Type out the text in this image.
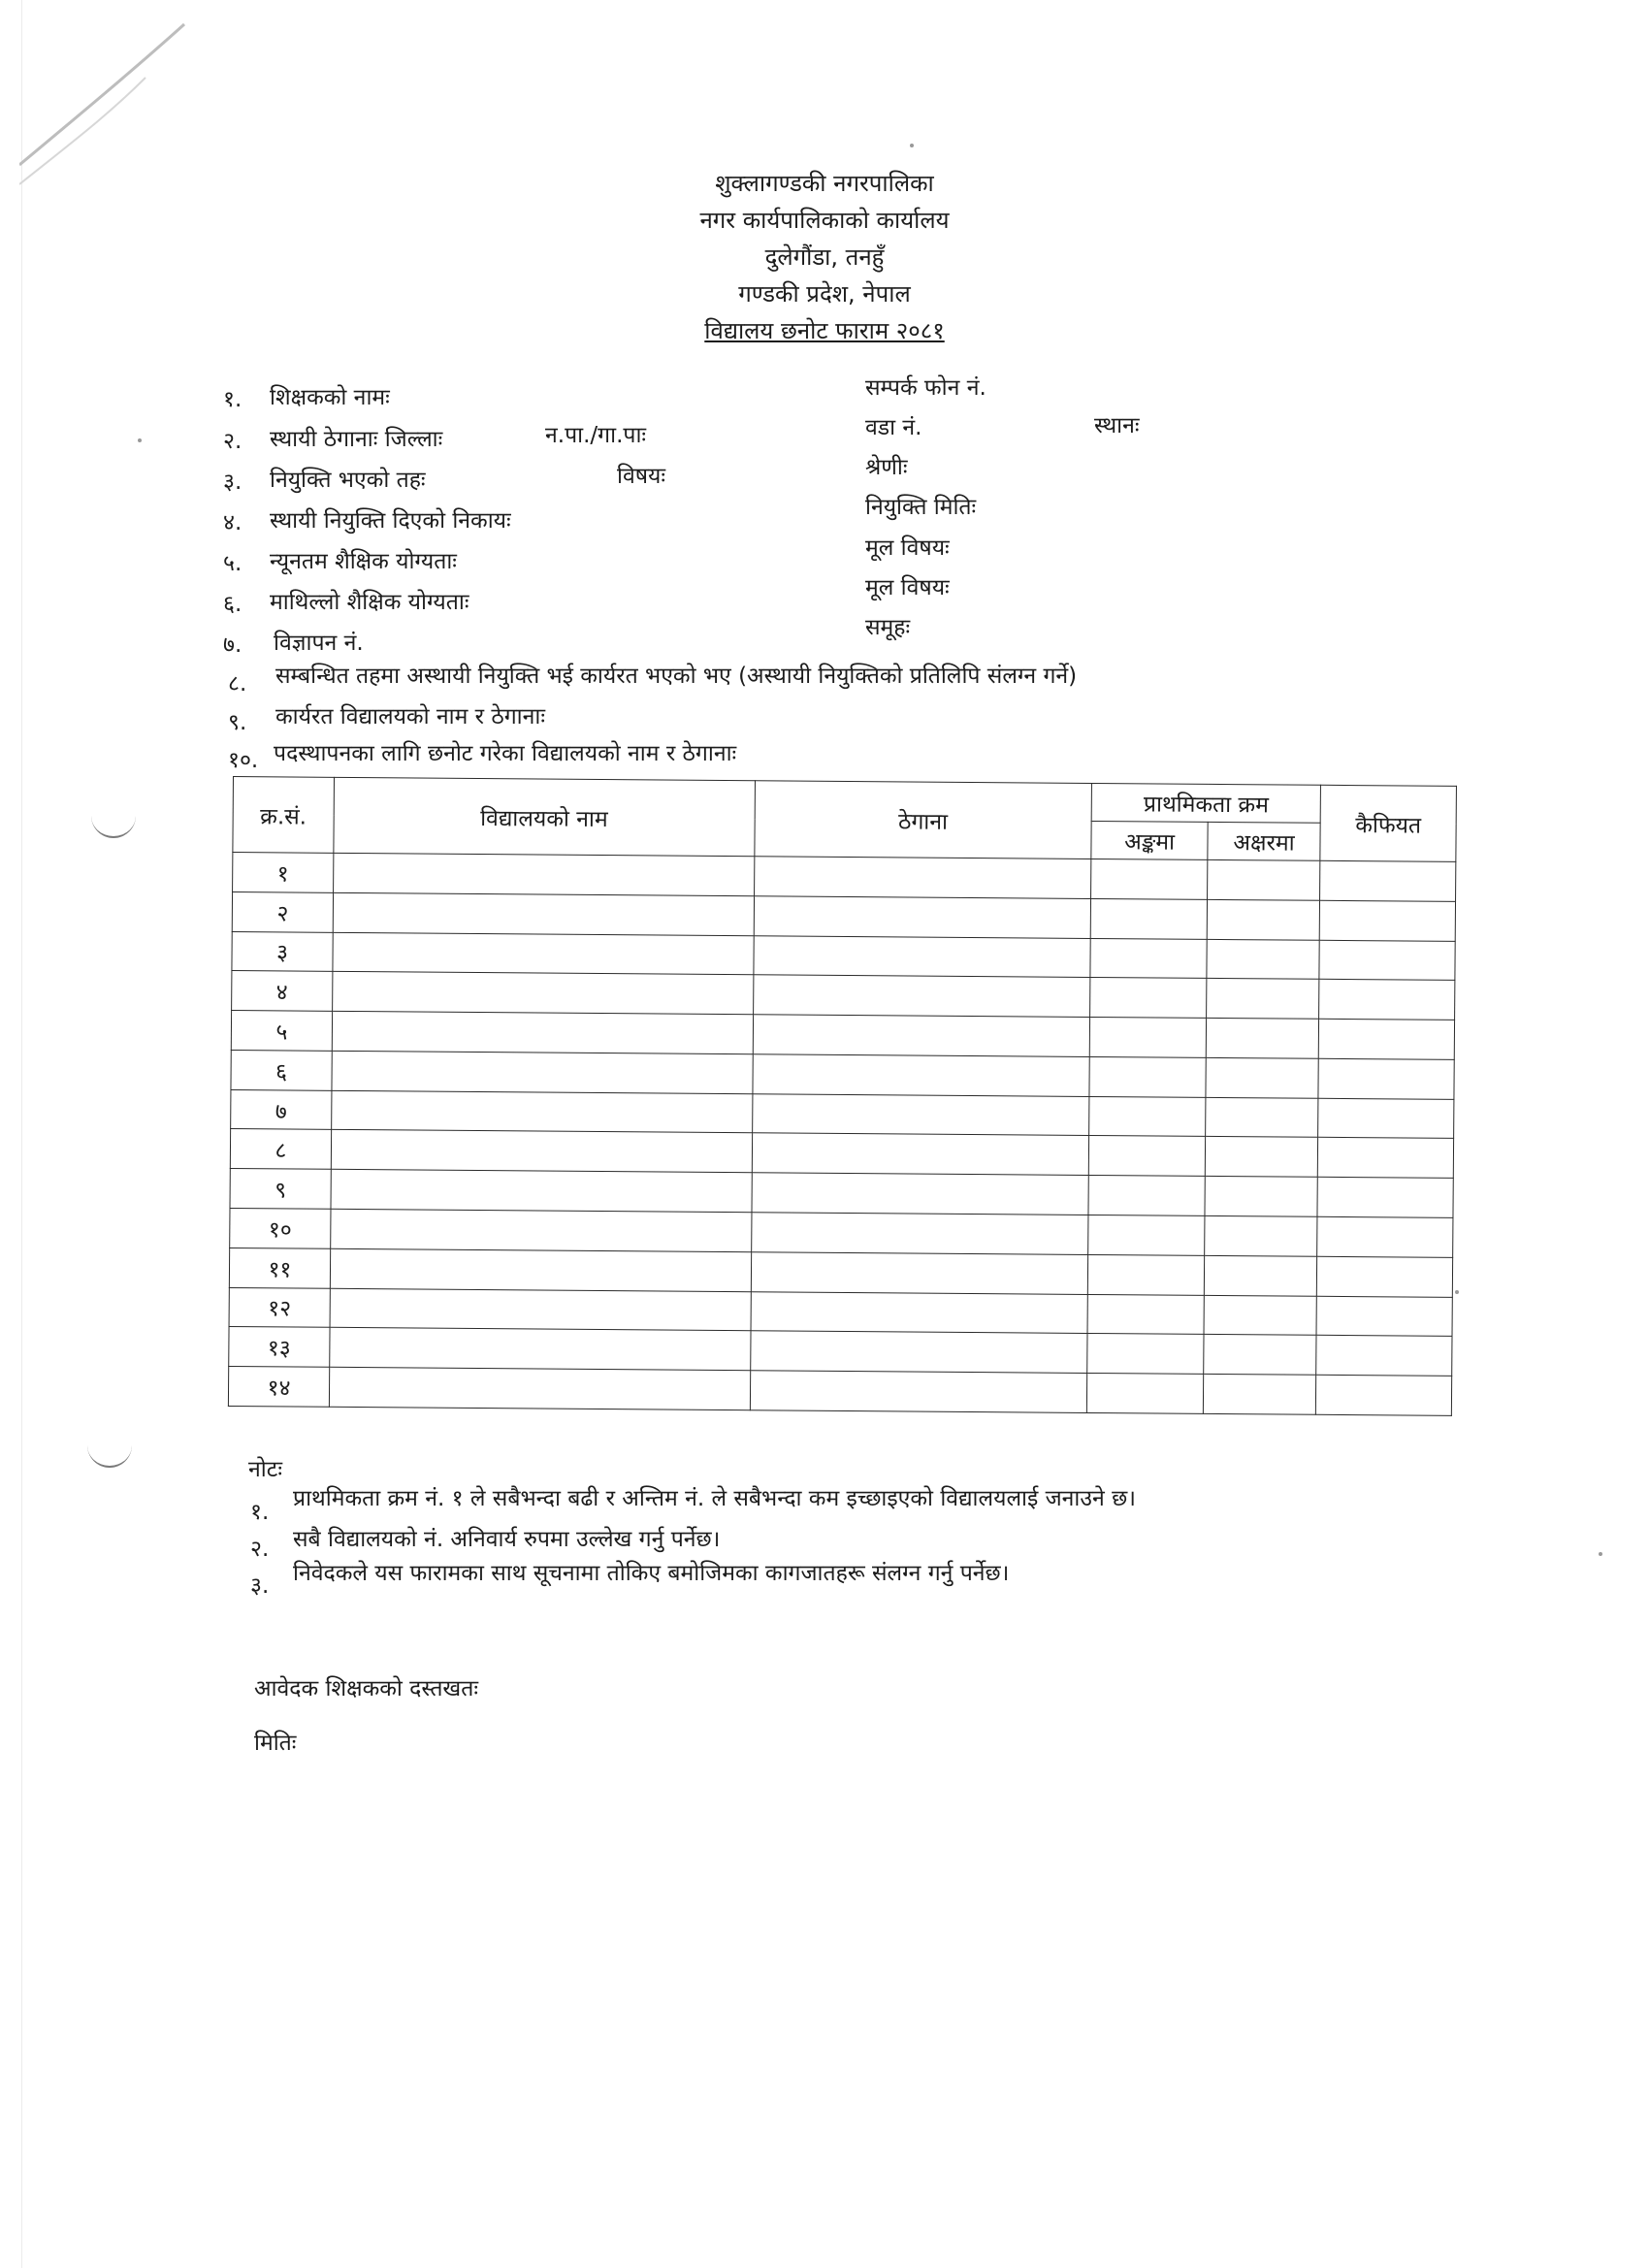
शुक्लागण्डकी नगरपालिका
नगर कार्यपालिकाको कार्यालय
दुलेगौंडा, तनहुँ
गण्डकी प्रदेश, नेपाल
विद्यालय छनोट फाराम २०८१
१. शिक्षकको नामः
२. स्थायी ठेगानाः जिल्लाः
३. नियुक्ति भएको तहः
४. स्थायी नियुक्ति दिएको निकायः
५. न्यूनतम शैक्षिक योग्यताः
६. माथिल्लो शैक्षिक योग्यताः
७. विज्ञापन नं.
८. सम्बन्धित तहमा अस्थायी नियुक्ति भई कार्यरत भएको भए (अस्थायी नियुक्तिको प्रतिलिपि संलग्न गर्ने)
९. कार्यरत विद्यालयको नाम र ठेगानाः
१०. पदस्थापनका लागि छनोट गरेका विद्यालयको नाम र ठेगानाः
न.पा./गा.पाः
विषयः
सम्पर्क फोन नं.
वडा नं.	स्थानः
श्रेणीः
नियुक्ति मितिः
मूल विषयः
मूल विषयः
समूहः
क्र.सं.	विद्यालयको नाम	ठेगाना	प्राथमिकता क्रम		कैफियत
			अङ्कमा	अक्षरमा	
१					
२					
३					
४					
५					
६					
७					
८					
९					
१०					
११					
१२					
१३					
१४					
नोटः
१.
प्राथमिकता क्रम नं. १ ले सबैभन्दा बढी र अन्तिम नं. ले सबैभन्दा कम इच्छाइएको विद्यालयलाई जनाउने छ।
२. सबै विद्यालयको नं. अनिवार्य रुपमा उल्लेख गर्नु पर्नेछ।
३. निवेदकले यस फारामका साथ सूचनामा तोकिए बमोजिमका कागजातहरू संलग्न गर्नु पर्नेछ।
आवेदक शिक्षकको दस्तखतः
मितिः
